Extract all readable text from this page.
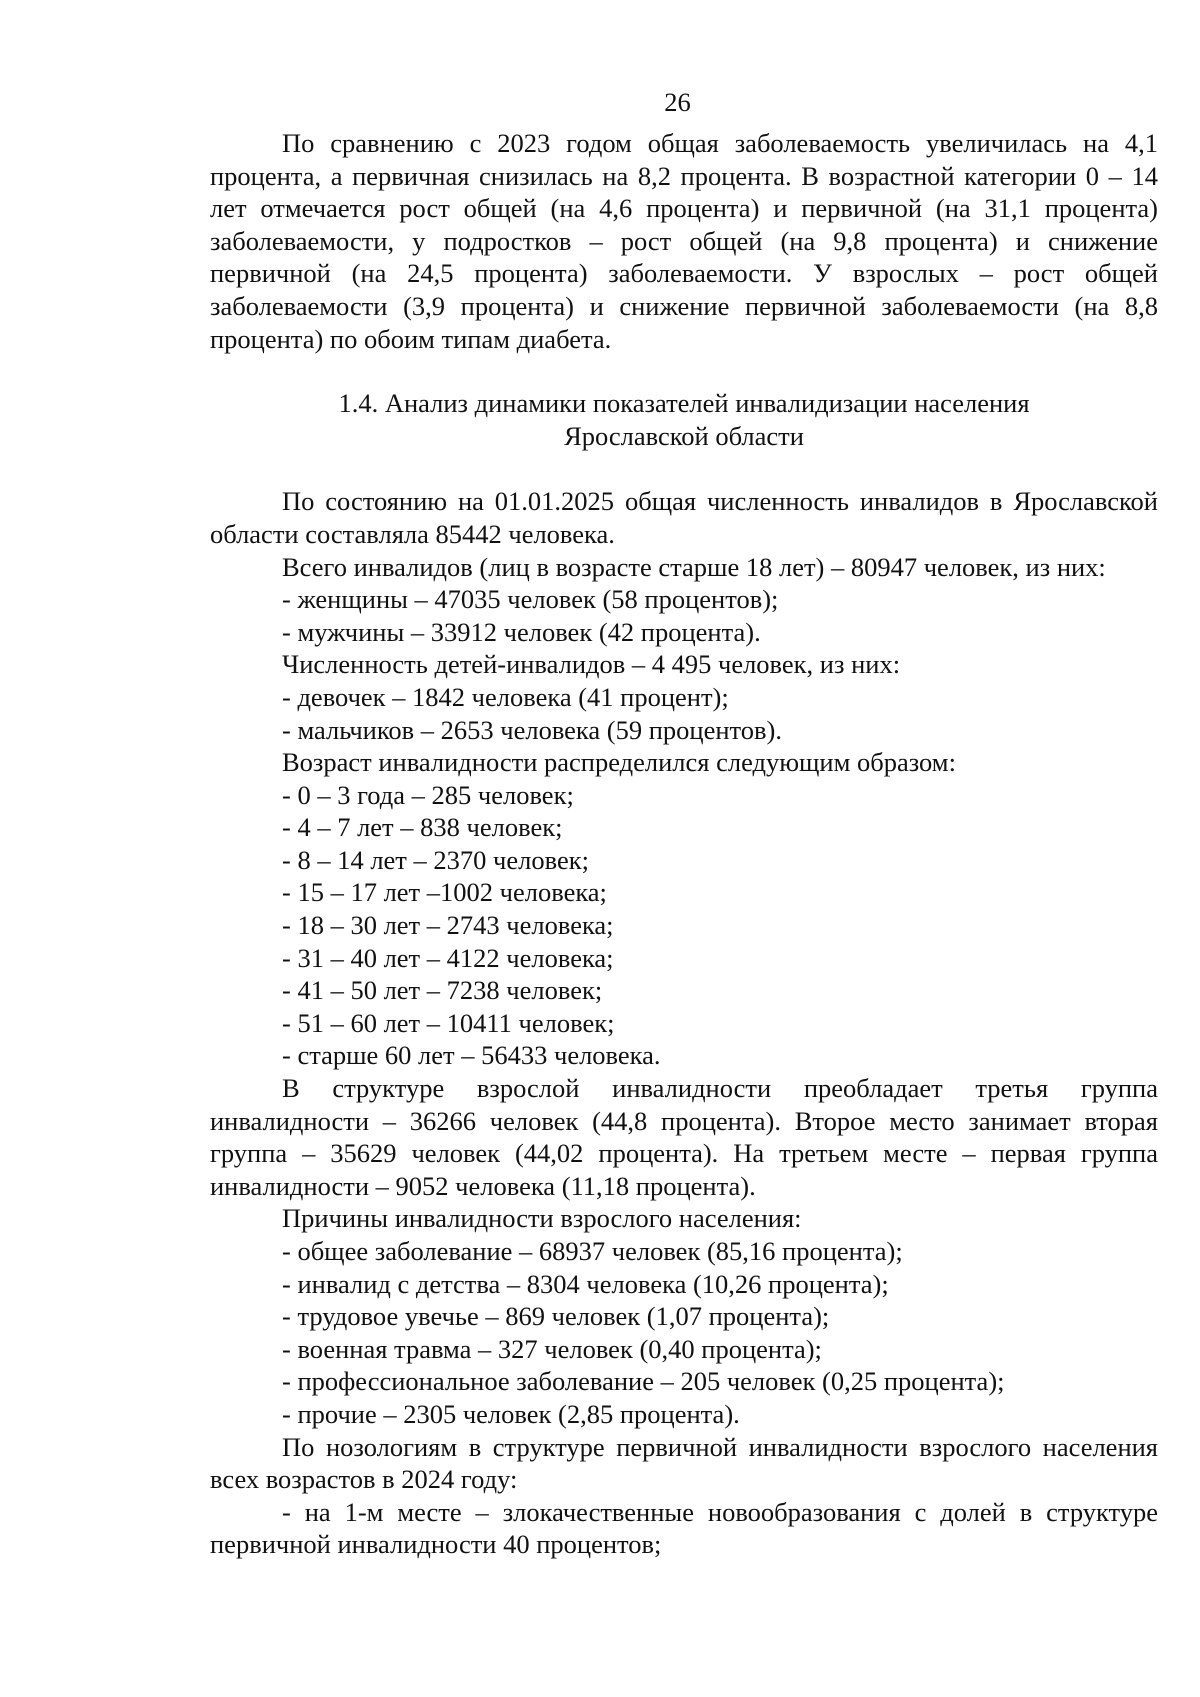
26

По сравнению с 2023 годом общая заболеваемость увеличилась на 4,1 процента, а первичная снизилась на 8,2 процента. В возрастной категории 0 – 14 лет отмечается рост общей (на 4,6 процента) и первичной (на 31,1 процента) заболеваемости, у подростков – рост общей (на 9,8 процента) и снижение первичной (на 24,5 процента) заболеваемости. У взрослых – рост общей заболеваемости (3,9 процента) и снижение первичной заболеваемости (на 8,8 процента) по обоим типам диабета.

1.4. Анализ динамики показателей инвалидизации населения
Ярославской области

По состоянию на 01.01.2025 общая численность инвалидов в Ярославской области составляла 85442 человека.

Всего инвалидов (лиц в возрасте старше 18 лет) – 80947 человек, из них:

- женщины – 47035 человек (58 процентов);

- мужчины – 33912 человек (42 процента).

Численность детей-инвалидов – 4 495 человек, из них:

- девочек – 1842 человека (41 процент);

- мальчиков – 2653 человека (59 процентов).

Возраст инвалидности распределился следующим образом:

- 0 – 3 года – 285 человек;

- 4 – 7 лет – 838 человек;

- 8 – 14 лет – 2370 человек;

- 15 – 17 лет –1002 человека;

- 18 – 30 лет – 2743 человека;

- 31 – 40 лет – 4122 человека;

- 41 – 50 лет – 7238 человек;

- 51 – 60 лет – 10411 человек;

- старше 60 лет – 56433 человека.

В структуре взрослой инвалидности преобладает третья группа инвалидности – 36266 человек (44,8 процента). Второе место занимает вторая группа – 35629 человек (44,02 процента). На третьем месте – первая группа инвалидности – 9052 человека (11,18 процента).

Причины инвалидности взрослого населения:

- общее заболевание – 68937 человек (85,16 процента);

- инвалид с детства – 8304 человека (10,26 процента);

- трудовое увечье – 869 человек (1,07 процента);

- военная травма – 327 человек (0,40 процента);

- профессиональное заболевание – 205 человек (0,25 процента);

- прочие – 2305 человек (2,85 процента).

По нозологиям в структуре первичной инвалидности взрослого населения всех возрастов в 2024 году:

- на 1-м месте – злокачественные новообразования с долей в структуре первичной инвалидности 40 процентов;
